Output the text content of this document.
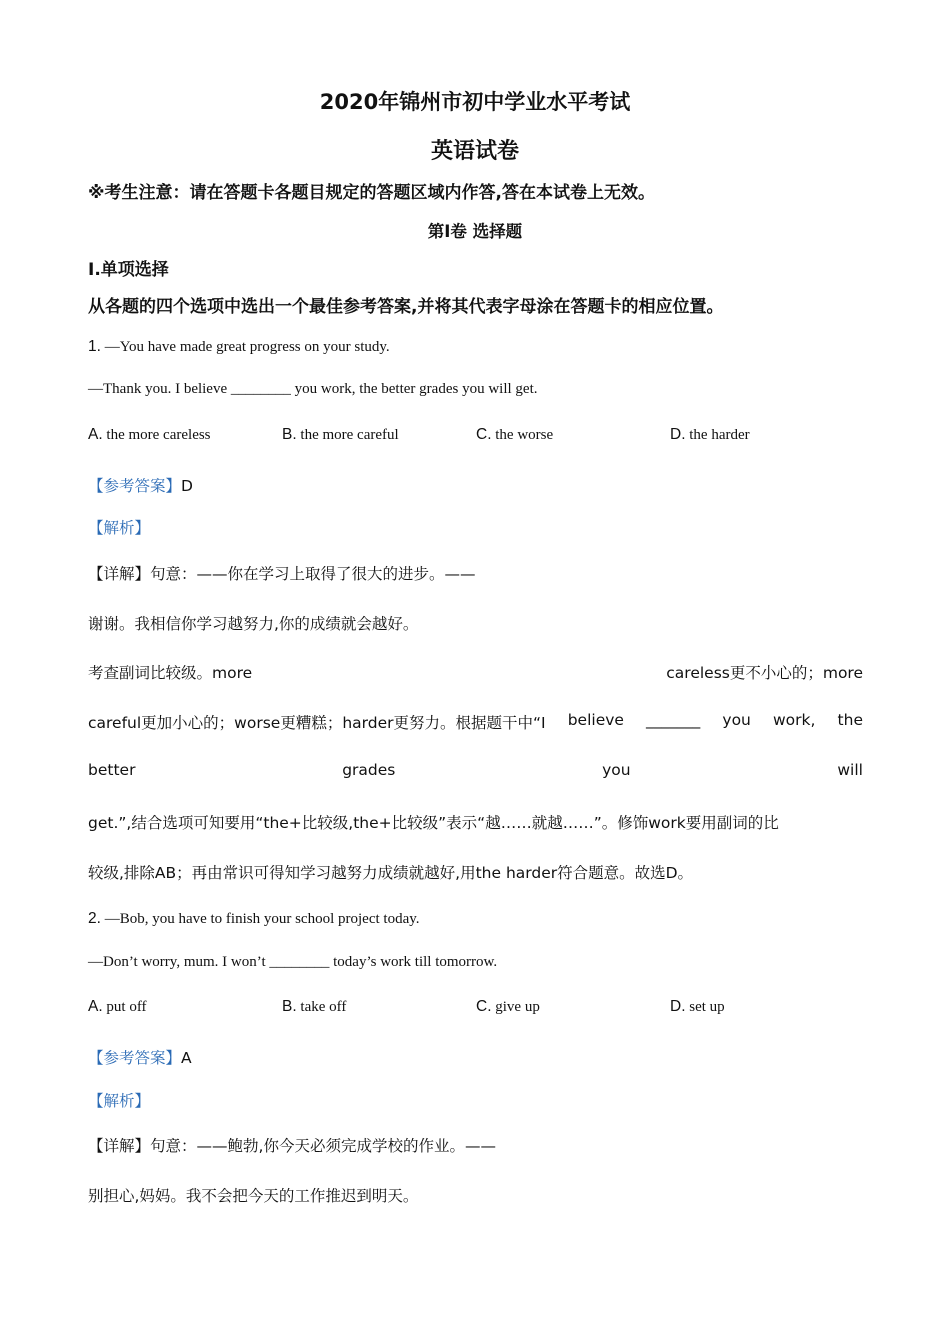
2020年锦州市初中学业水平考试
英语试卷
※考生注意：请在答题卡各题目规定的答题区域内作答,答在本试卷上无效。
第Ⅰ卷 选择题
Ⅰ.单项选择
从各题的四个选项中选出一个最佳参考答案,并将其代表字母涂在答题卡的相应位置。
1. —You have made great progress on your study.
—Thank you. I believe ________ you work, the better grades you will get.
A. the more careless	B. the more careful	C. the worse	D. the harder
【参考答案】D
【解析】
【详解】句意：——你在学习上取得了很大的进步。——
谢谢。我相信你学习越努力,你的成绩就会越好。
考查副词比较级。more	careless更不小心的；more
careful更加小心的；worse更糟糕；harder更努力。根据题干中“I believe _______ you work, the
better	grades	you	will
get.”,结合选项可知要用“the+比较级,the+比较级”表示“越……就越……”。修饰work要用副词的比
较级,排除AB；再由常识可得知学习越努力成绩就越好,用the harder符合题意。故选D。
2. —Bob, you have to finish your school project today.
—Don’t worry, mum. I won’t ________ today’s work till tomorrow.
A. put off	B. take off	C. give up	D. set up
【参考答案】A
【解析】
【详解】句意：——鲍勃,你今天必须完成学校的作业。——
别担心,妈妈。我不会把今天的工作推迟到明天。
